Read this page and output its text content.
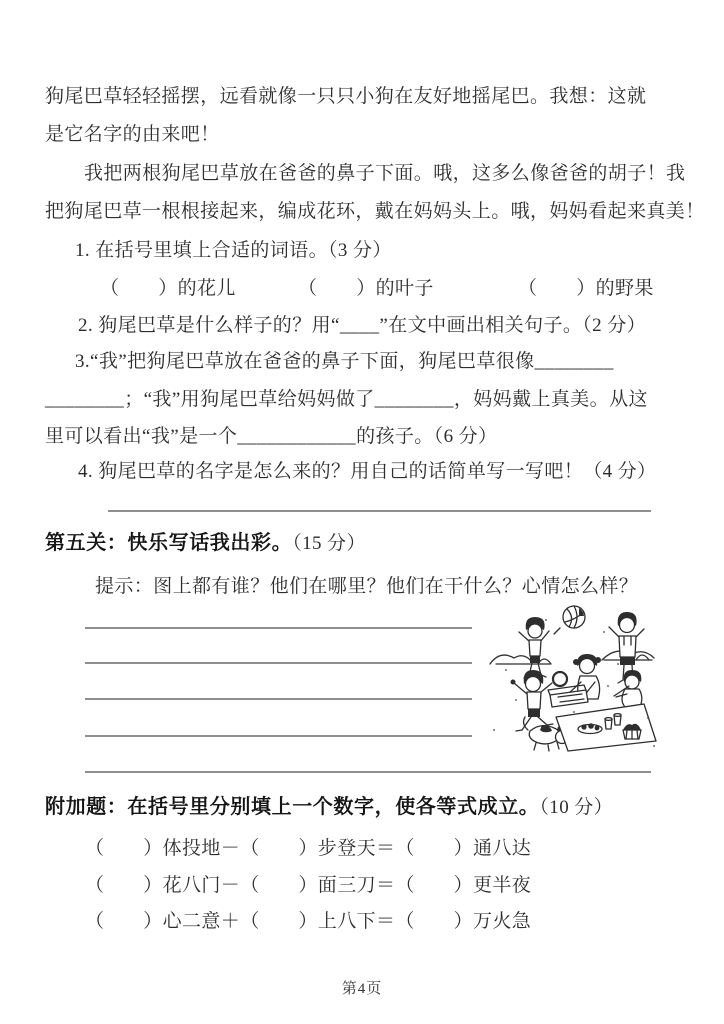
狗尾巴草轻轻摇摆，远看就像一只只小狗在友好地摇尾巴。我想：这就
是它名字的由来吧！
我把两根狗尾巴草放在爸爸的鼻子下面。哦，这多么像爸爸的胡子！我
把狗尾巴草一根根接起来，编成花环，戴在妈妈头上。哦，妈妈看起来真美！
1. 在括号里填上合适的词语。（3 分）
（　　）的花儿	（　　）的叶子	（　　）的野果
2. 狗尾巴草是什么样子的？用“____”在文中画出相关句子。（2 分）
3.“我”把狗尾巴草放在爸爸的鼻子下面，狗尾巴草很像________
________；“我”用狗尾巴草给妈妈做了________，妈妈戴上真美。从这
里可以看出“我”是一个____________的孩子。（6 分）
4. 狗尾巴草的名字是怎么来的？用自己的话简单写一写吧！（4 分）
第五关：快乐写话我出彩。（15 分）
提示：图上都有谁？他们在哪里？他们在干什么？心情怎么样？
附加题：在括号里分别填上一个数字，使各等式成立。（10 分）
（　　）体投地－（　　）步登天＝（　　）通八达
（　　）花八门－（　　）面三刀＝（　　）更半夜
（　　）心二意＋（　　）上八下＝（　　）万火急
第4页
